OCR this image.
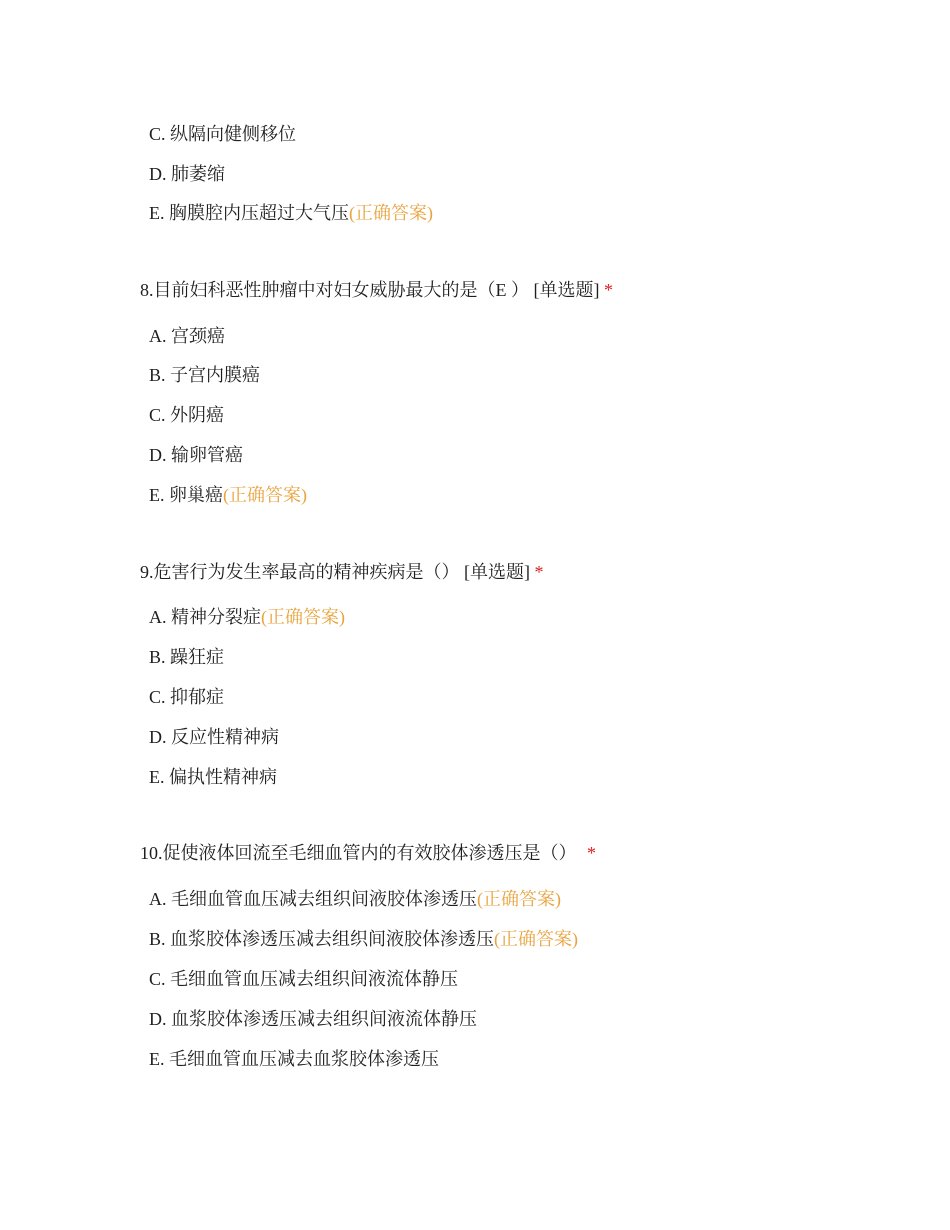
C. 纵隔向健侧移位
D. 肺萎缩
E. 胸膜腔内压超过大气压(正确答案)
8.目前妇科恶性肿瘤中对妇女威胁最大的是（E ） [单选题] *
A. 宫颈癌
B. 子宫内膜癌
C. 外阴癌
D. 输卵管癌
E. 卵巢癌(正确答案)
9.危害行为发生率最高的精神疾病是（） [单选题] *
A. 精神分裂症(正确答案)
B. 躁狂症
C. 抑郁症
D. 反应性精神病
E. 偏执性精神病
10.促使液体回流至毛细血管内的有效胶体渗透压是（） *
A. 毛细血管血压减去组织间液胶体渗透压(正确答案)
B. 血浆胶体渗透压减去组织间液胶体渗透压(正确答案)
C. 毛细血管血压减去组织间液流体静压
D. 血浆胶体渗透压减去组织间液流体静压
E. 毛细血管血压减去血浆胶体渗透压
